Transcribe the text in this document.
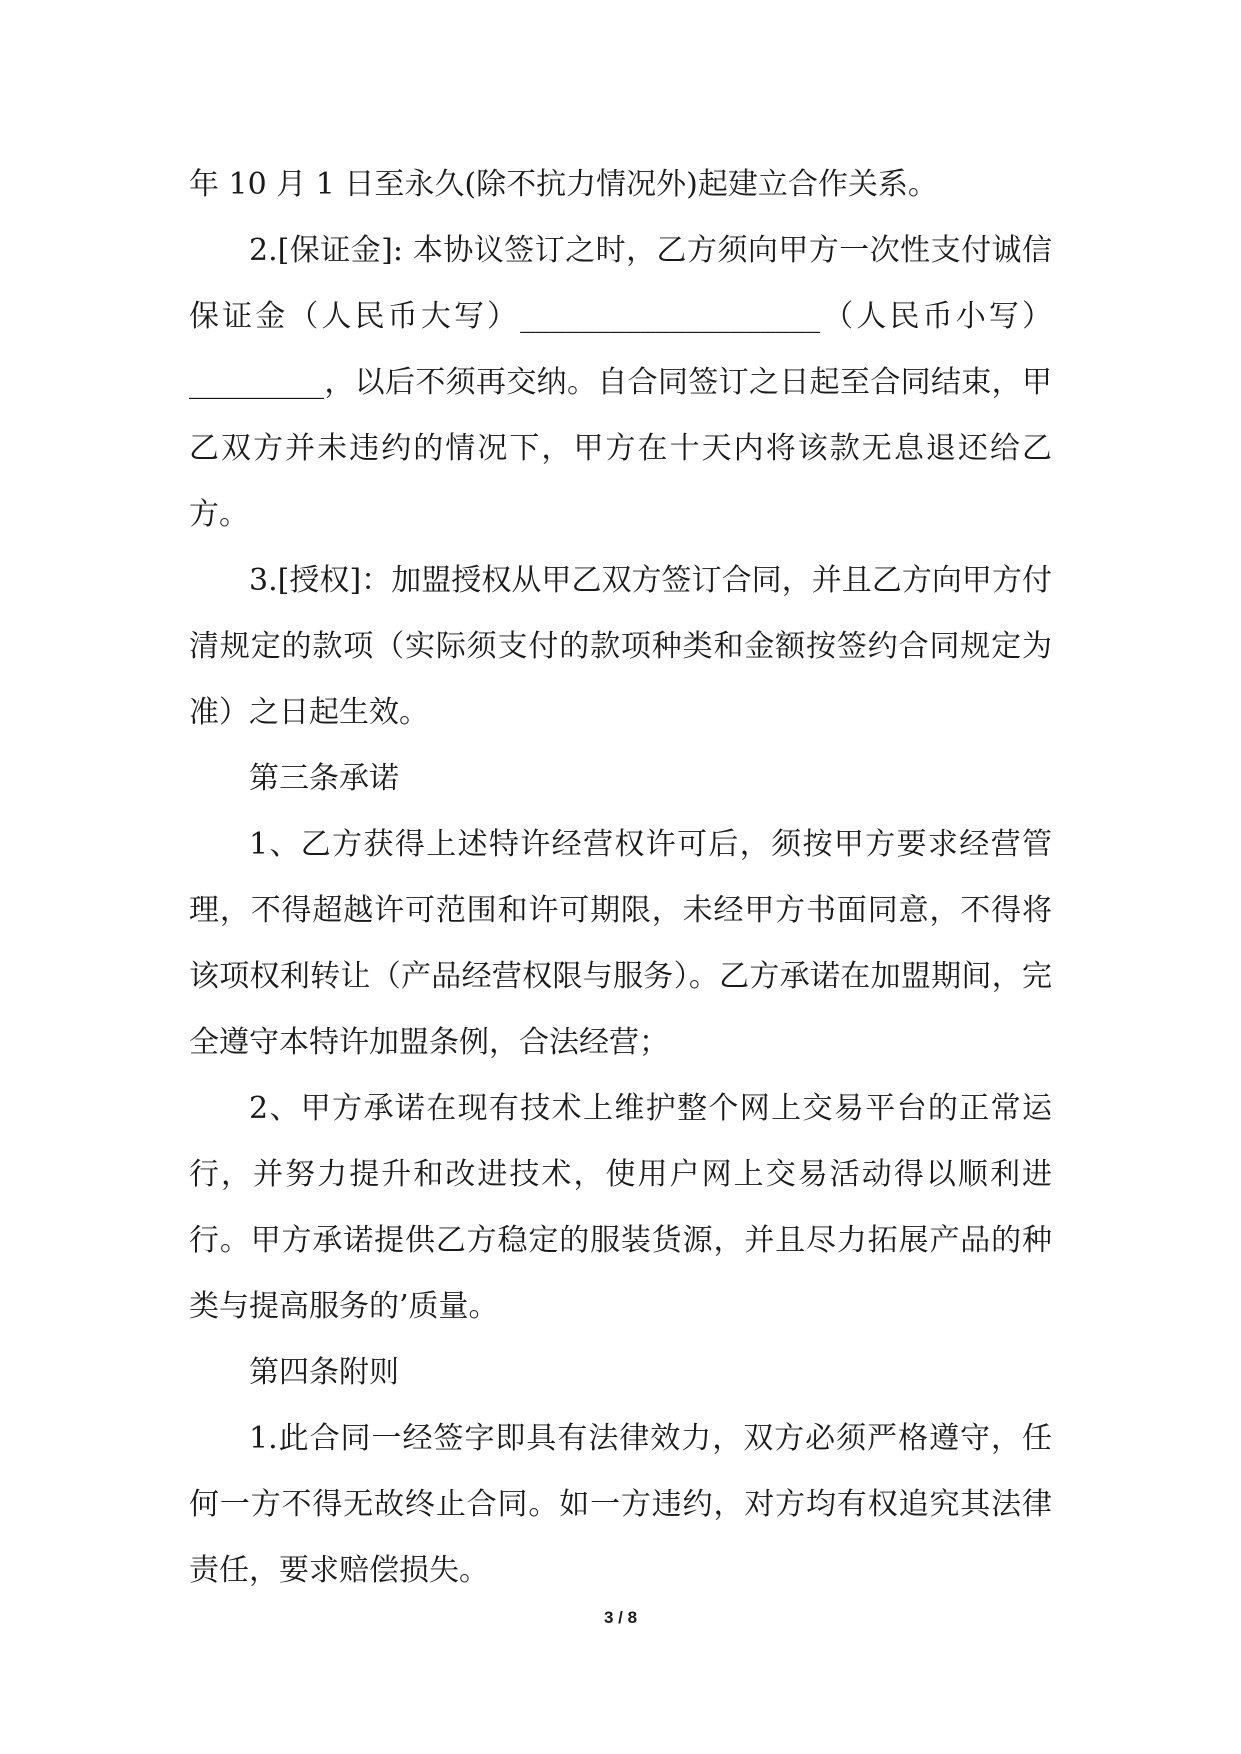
年 10 月 1 日至永久(除不抗力情况外)起建立合作关系。

2.[保证金]: 本协议签订之时，乙方须向甲方一次性支付诚信保证金（人民币大写）____________________（人民币小写）_________，以后不须再交纳。自合同签订之日起至合同结束，甲乙双方并未违约的情况下，甲方在十天内将该款无息退还给乙方。

3.[授权]：加盟授权从甲乙双方签订合同，并且乙方向甲方付清规定的款项（实际须支付的款项种类和金额按签约合同规定为准）之日起生效。

第三条承诺

1、乙方获得上述特许经营权许可后，须按甲方要求经营管理，不得超越许可范围和许可期限，未经甲方书面同意，不得将该项权利转让（产品经营权限与服务）。乙方承诺在加盟期间，完全遵守本特许加盟条例，合法经营；

2、甲方承诺在现有技术上维护整个网上交易平台的正常运行，并努力提升和改进技术，使用户网上交易活动得以顺利进行。甲方承诺提供乙方稳定的服装货源，并且尽力拓展产品的种类与提高服务的’质量。

第四条附则

1.此合同一经签字即具有法律效力，双方必须严格遵守，任何一方不得无故终止合同。如一方违约，对方均有权追究其法律责任，要求赔偿损失。

3 / 8
